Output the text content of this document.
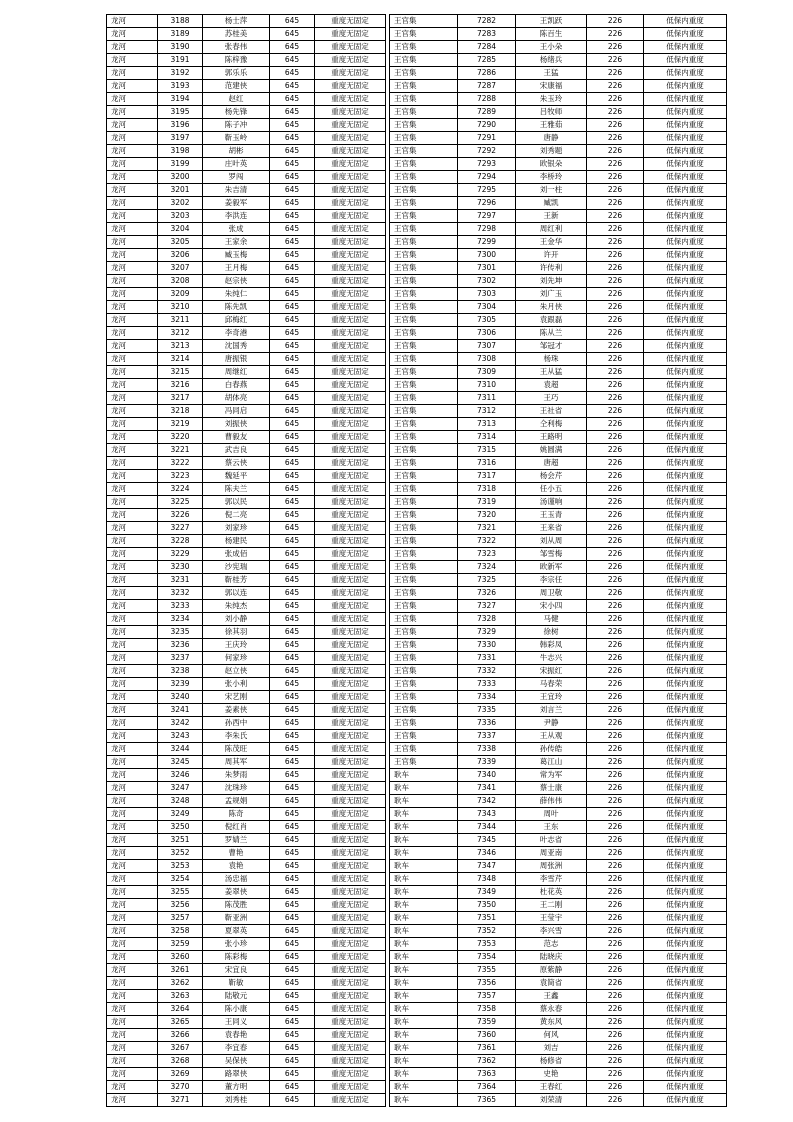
龙河	3188	杨士萍	645	重度无固定
龙河	3189	苏桂美	645	重度无固定
龙河	3190	张春伟	645	重度无固定
龙河	3191	陈梓豫	645	重度无固定
龙河	3192	郭乐乐	645	重度无固定
龙河	3193	范建侠	645	重度无固定
龙河	3194	赵红	645	重度无固定
龙河	3195	杨先锋	645	重度无固定
龙河	3196	陈子冲	645	重度无固定
龙河	3197	靳玉岭	645	重度无固定
龙河	3198	胡彬	645	重度无固定
龙河	3199	庄叶英	645	重度无固定
龙河	3200	罗闯	645	重度无固定
龙河	3201	朱吉清	645	重度无固定
龙河	3202	姜毅军	645	重度无固定
龙河	3203	李洪连	645	重度无固定
龙河	3204	张成	645	重度无固定
龙河	3205	王家余	645	重度无固定
龙河	3206	臧玉梅	645	重度无固定
龙河	3207	王月梅	645	重度无固定
龙河	3208	赵宗侠	645	重度无固定
龙河	3209	朱纯仁	645	重度无固定
龙河	3210	陈先凯	645	重度无固定
龙河	3211	邱梅红	645	重度无固定
龙河	3212	李奇港	645	重度无固定
龙河	3213	沈国秀	645	重度无固定
龙河	3214	唐振银	645	重度无固定
龙河	3215	周继红	645	重度无固定
龙河	3216	白春燕	645	重度无固定
龙河	3217	胡体亮	645	重度无固定
龙河	3218	冯同启	645	重度无固定
龙河	3219	刘振侠	645	重度无固定
龙河	3220	曹毅友	645	重度无固定
龙河	3221	武吉良	645	重度无固定
龙河	3222	蔡云侠	645	重度无固定
龙河	3223	魏延平	645	重度无固定
龙河	3224	陈夫兰	645	重度无固定
龙河	3225	郭以民	645	重度无固定
龙河	3226	倪二亮	645	重度无固定
龙河	3227	刘家珍	645	重度无固定
龙河	3228	杨建民	645	重度无固定
龙河	3229	张成佰	645	重度无固定
龙河	3230	沙宪瑞	645	重度无固定
龙河	3231	靳桂芳	645	重度无固定
龙河	3232	郭以连	645	重度无固定
龙河	3233	朱纯杰	645	重度无固定
龙河	3234	刘小静	645	重度无固定
龙河	3235	徐其羽	645	重度无固定
龙河	3236	王庆玲	645	重度无固定
龙河	3237	何家珍	645	重度无固定
龙河	3238	赵立侠	645	重度无固定
龙河	3239	张小利	645	重度无固定
龙河	3240	宋艺刚	645	重度无固定
龙河	3241	姜素侠	645	重度无固定
龙河	3242	孙西中	645	重度无固定
龙河	3243	李朱氏	645	重度无固定
龙河	3244	陈茂旺	645	重度无固定
龙河	3245	周其军	645	重度无固定
龙河	3246	朱梦雨	645	重度无固定
龙河	3247	沈珠珍	645	重度无固定
龙河	3248	孟规娟	645	重度无固定
龙河	3249	陈奇	645	重度无固定
龙河	3250	倪红肖	645	重度无固定
龙河	3251	罗婧兰	645	重度无固定
龙河	3252	曹艳	645	重度无固定
龙河	3253	袁艳	645	重度无固定
龙河	3254	汤忠福	645	重度无固定
龙河	3255	姜翠侠	645	重度无固定
龙河	3256	陈茂胜	645	重度无固定
龙河	3257	靳亚洲	645	重度无固定
龙河	3258	夏翠英	645	重度无固定
龙河	3259	张小珍	645	重度无固定
龙河	3260	陈彩梅	645	重度无固定
龙河	3261	宋宜良	645	重度无固定
龙河	3262	靳敏	645	重度无固定
龙河	3263	陆敬元	645	重度无固定
龙河	3264	陈小康	645	重度无固定
龙河	3265	王同义	645	重度无固定
龙河	3266	袁春艳	645	重度无固定
龙河	3267	李宜春	645	重度无固定
龙河	3268	吴保侠	645	重度无固定
龙河	3269	路翠侠	645	重度无固定
龙河	3270	董方明	645	重度无固定
龙河	3271	刘秀桂	645	重度无固定
王官集	7282	王凯跃	226	低保内重度
王官集	7283	陈百生	226	低保内重度
王官集	7284	王小朵	226	低保内重度
王官集	7285	杨绪兵	226	低保内重度
王官集	7286	王猛	226	低保内重度
王官集	7287	宋康福	226	低保内重度
王官集	7288	朱玉玲	226	低保内重度
王官集	7289	吕牧师	226	低保内重度
王官集	7290	王雅茹	226	低保内重度
王官集	7291	唐静	226	低保内重度
王官集	7292	刘秀题	226	低保内重度
王官集	7293	欧银朵	226	低保内重度
王官集	7294	李桥玲	226	低保内重度
王官集	7295	刘一柱	226	低保内重度
王官集	7296	臧凯	226	低保内重度
王官集	7297	王新	226	低保内重度
王官集	7298	周红利	226	低保内重度
王官集	7299	王金华	226	低保内重度
王官集	7300	许开	226	低保内重度
王官集	7301	许传利	226	低保内重度
王官集	7302	刘先坤	226	低保内重度
王官集	7303	刘广玉	226	低保内重度
王官集	7304	朱月侠	226	低保内重度
王官集	7305	袁跟磊	226	低保内重度
王官集	7306	陈从兰	226	低保内重度
王官集	7307	邹冠才	226	低保内重度
王官集	7308	杨珠	226	低保内重度
王官集	7309	王从猛	226	低保内重度
王官集	7310	袁超	226	低保内重度
王官集	7311	王巧	226	低保内重度
王官集	7312	王社省	226	低保内重度
王官集	7313	仝利梅	226	低保内重度
王官集	7314	王路明	226	低保内重度
王官集	7315	姚圆满	226	低保内重度
王官集	7316	唐超	226	低保内重度
王官集	7317	杨会芹	226	低保内重度
王官集	7318	任小五	226	低保内重度
王官集	7319	汤谨响	226	低保内重度
王官集	7320	王玉青	226	低保内重度
王官集	7321	王来省	226	低保内重度
王官集	7322	刘从周	226	低保内重度
王官集	7323	邹雪梅	226	低保内重度
王官集	7324	欧新军	226	低保内重度
王官集	7325	李宗任	226	低保内重度
王官集	7326	周卫敬	226	低保内重度
王官集	7327	宋小四	226	低保内重度
王官集	7328	马健	226	低保内重度
王官集	7329	徐树	226	低保内重度
王官集	7330	韩彩凤	226	低保内重度
王官集	7331	牛志兴	226	低保内重度
王官集	7332	宋振红	226	低保内重度
王官集	7333	马春荣	226	低保内重度
王官集	7334	王宜玲	226	低保内重度
王官集	7335	刘言兰	226	低保内重度
王官集	7336	尹静	226	低保内重度
王官集	7337	王从观	226	低保内重度
王官集	7338	孙传皓	226	低保内重度
王官集	7339	葛江山	226	低保内重度
耿车	7340	常为军	226	低保内重度
耿车	7341	蔡士康	226	低保内重度
耿车	7342	薛伟伟	226	低保内重度
耿车	7343	周叶	226	低保内重度
耿车	7344	王东	226	低保内重度
耿车	7345	叶志省	226	低保内重度
耿车	7346	周亚南	226	低保内重度
耿车	7347	周张洲	226	低保内重度
耿车	7348	李雪芹	226	低保内重度
耿车	7349	杜花英	226	低保内重度
耿车	7350	王二刚	226	低保内重度
耿车	7351	王莹宇	226	低保内重度
耿车	7352	李兴雪	226	低保内重度
耿车	7353	范志	226	低保内重度
耿车	7354	陆晓庆	226	低保内重度
耿车	7355	原紫静	226	低保内重度
耿车	7356	袁简省	226	低保内重度
耿车	7357	王鑫	226	低保内重度
耿车	7358	蔡永春	226	低保内重度
耿车	7359	黄东风	226	低保内重度
耿车	7360	何风	226	低保内重度
耿车	7361	刘吉	226	低保内重度
耿车	7362	杨修省	226	低保内重度
耿车	7363	史艳	226	低保内重度
耿车	7364	王春红	226	低保内重度
耿车	7365	刘荣清	226	低保内重度
